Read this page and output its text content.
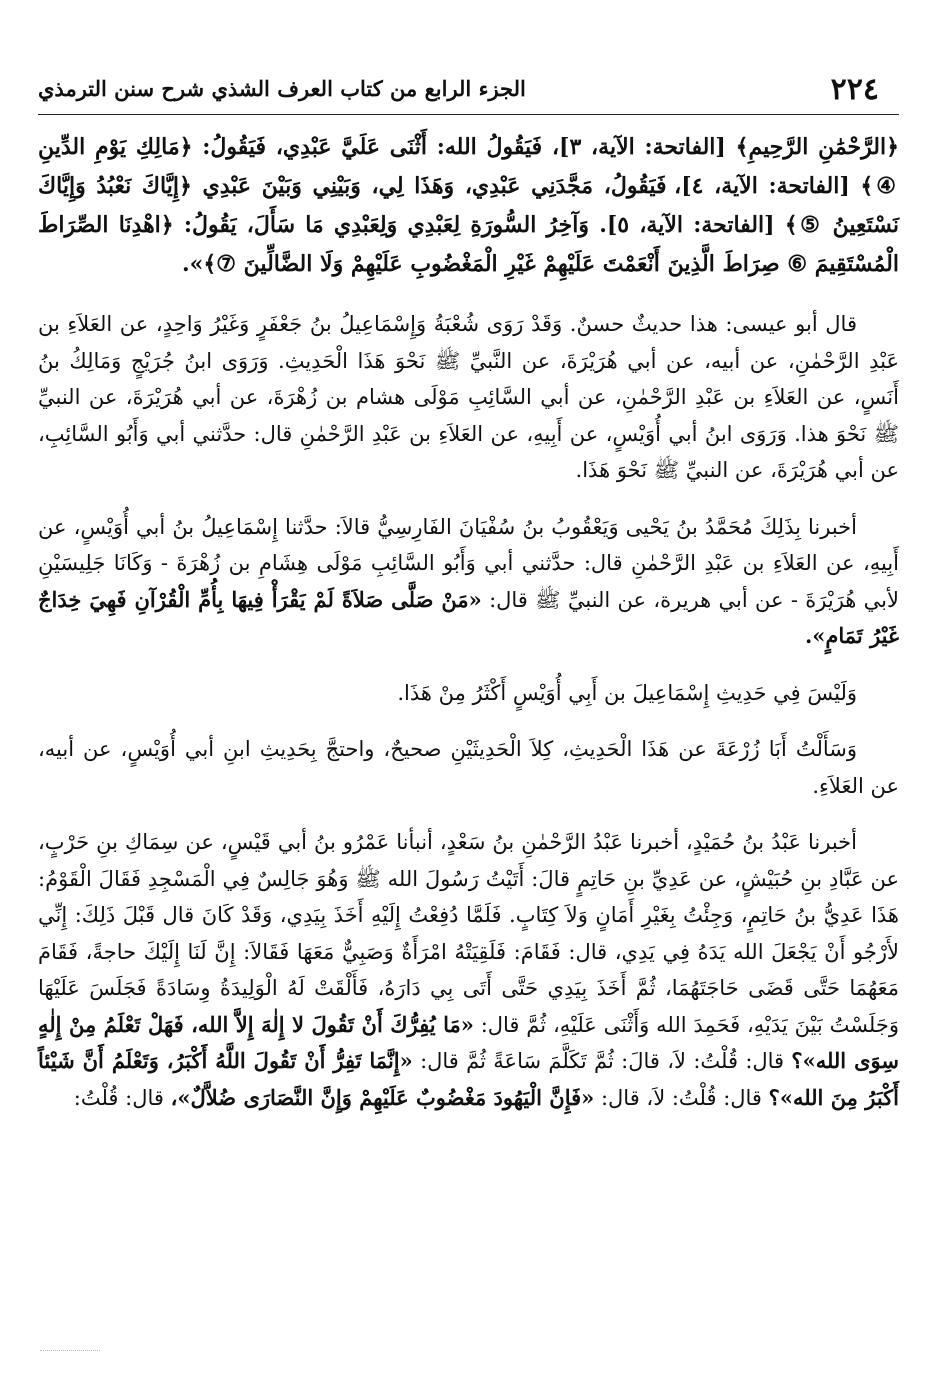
٢٢٤
الجزء الرابع من كتاب العرف الشذي شرح سنن الترمذي

﴿الرَّحْمَٰنِ الرَّحِيمِ﴾ [الفاتحة: الآية، ٣]، فَيَقُولُ الله: أَثْنَى عَلَيَّ عَبْدِي، فَيَقُولُ: ﴿مَالِكِ يَوْمِ الدِّينِ ④﴾ [الفاتحة: الآية، ٤]، فَيَقُولُ، مَجَّدَنِي عَبْدِي، وَهَذَا لِي، وَبَيْنِي وَبَيْنَ عَبْدِي ﴿إِيَّاكَ نَعْبُدُ وَإِيَّاكَ نَسْتَعِينُ ⑤﴾ [الفاتحة: الآية، ٥]. وَآخِرُ السُّورَةِ لِعَبْدِي وَلِعَبْدِي مَا سَأَلَ، يَقُولُ: ﴿اهْدِنَا الصِّرَاطَ الْمُسْتَقِيمَ ⑥ صِرَاطَ الَّذِينَ أَنْعَمْتَ عَلَيْهِمْ غَيْرِ الْمَغْضُوبِ عَلَيْهِمْ وَلَا الضَّالِّينَ ⑦﴾».

قال أبو عيسى: هذا حديثٌ حسنٌ. وَقَدْ رَوَى شُعْبَةُ وَإِسْمَاعِيلُ بنُ جَعْفَرٍ وَغَيْرُ وَاحِدٍ، عن العَلاَءِ بن عَبْدِ الرَّحْمٰنِ، عن أبيه، عن أبي هُرَيْرَةَ، عن النَّبيِّ ﷺ نَحْوَ هَذَا الْحَدِيثِ. وَرَوَى ابنُ جُرَيْجٍ وَمَالِكُ بنُ أَنَسٍ، عن العَلاَءِ بن عَبْدِ الرَّحْمٰنِ، عن أبي السَّائِبِ مَوْلَى هشام بن زُهْرَةَ، عن أبي هُرَيْرَةَ، عن النبيِّ ﷺ نَحْوَ هذا. وَرَوَى ابنُ أبي أُوَيْسٍ، عن أَبِيهِ، عن العَلاَءِ بن عَبْدِ الرَّحْمٰنِ قال: حدَّثني أبي وَأَبُو السَّائِبِ، عن أبي هُرَيْرَةَ، عن النبيِّ ﷺ نَحْوَ هَذَا.

أخبرنا بِذَلِكَ مُحَمَّدُ بنُ يَحْيى وَيَعْقُوبُ بنُ سُفْيَانَ الفَارِسِيُّ قالاَ: حدَّثنا إِسْمَاعِيلُ بنُ أبي أُوَيْسٍ، عن أَبِيهِ، عن العَلاَءِ بن عَبْدِ الرَّحْمٰنِ قال: حدَّثني أبي وَأَبُو السَّائِبِ مَوْلَى هِشَامِ بن زُهْرَةَ - وَكَانَا جَلِيسَيْنِ لأبي هُرَيْرَةَ - عن أبي هريرة، عن النبيِّ ﷺ قال: «مَنْ صَلَّى صَلاَةً لَمْ يَقْرَأْ فِيهَا بِأُمِّ الْقُرْآنِ فَهِيَ خِدَاجٌ غَيْرُ تَمَامٍ».

وَلَيْسَ فِي حَدِيثِ إِسْمَاعِيلَ بن أَبِي أُوَيْسٍ أَكْثَرُ مِنْ هَذَا.

وَسَأَلْتُ أَبَا زُرْعَةَ عن هَذَا الْحَدِيثِ، كِلاَ الْحَدِيثَيْنِ صحيحٌ، واحتجَّ بِحَدِيثِ ابنِ أبي أُوَيْسٍ، عن أبيه، عن العَلاَءِ.

أخبرنا عَبْدُ بنُ حُمَيْدٍ، أخبرنا عَبْدُ الرَّحْمٰنِ بنُ سَعْدٍ، أنبأنا عَمْرُو بنُ أبي قَيْسٍ، عن سِمَاكِ بنِ حَرْبٍ، عن عَبَّادِ بنِ حُبَيْشٍ، عن عَدِيِّ بنِ حَاتِمٍ قالَ: أَتَيْتُ رَسُولَ الله ﷺ وَهُوَ جَالِسٌ فِي الْمَسْجِدِ فَقَالَ الْقَوْمُ: هَذَا عَدِيُّ بنُ حَاتِمٍ، وَجِئْتُ بِغَيْرِ أَمَانٍ وَلاَ كِتَابٍ. فَلَمَّا دُفِعْتُ إِلَيْهِ أَخَذَ بِيَدِي، وَقَدْ كَانَ قال قَبْلَ ذَلِكَ: إِنِّي لأَرْجُو أَنْ يَجْعَلَ الله يَدَهُ فِي يَدِي، قال: فَقَامَ: فَلَقِيَتْهُ امْرَأَةٌ وَصَبِيٌّ مَعَهَا فَقَالاَ: إِنَّ لَنَا إِلَيْكَ حاجةً، فَقَامَ مَعَهُمَا حَتَّى قَضَى حَاجَتَهُمَا، ثُمَّ أَخَذَ بِيَدِي حَتَّى أَتَى بِي دَارَهُ، فَأَلْقَتْ لَهُ الْوَلِيدَةُ وِسَادَةً فَجَلَسَ عَلَيْهَا وَجَلَسْتُ بَيْنَ يَدَيْهِ، فَحَمِدَ الله وَأَثْنَى عَلَيْهِ، ثُمَّ قال: «مَا يُفِرُّكَ أَنْ تَقُولَ لا إِلٰهَ إِلاَّ الله، فَهَلْ تَعْلَمُ مِنْ إِلٰهٍ سِوَى الله»؟ قال: قُلْتُ: لاَ، قالَ: ثُمَّ تَكَلَّمَ سَاعَةً ثُمَّ قال: «إِنَّمَا تَفِرُّ أَنْ تَقُولَ اللَّهُ أَكْبَرُ، وَتَعْلَمُ أَنَّ شَيْئاً أَكْبَرُ مِنَ الله»؟ قال: قُلْتُ: لاَ، قال: «فَإِنَّ الْيَهُودَ مَغْضُوبٌ عَلَيْهِمْ وَإِنَّ النَّصَارَى ضُلاَّلٌ»، قال: قُلْتُ:
